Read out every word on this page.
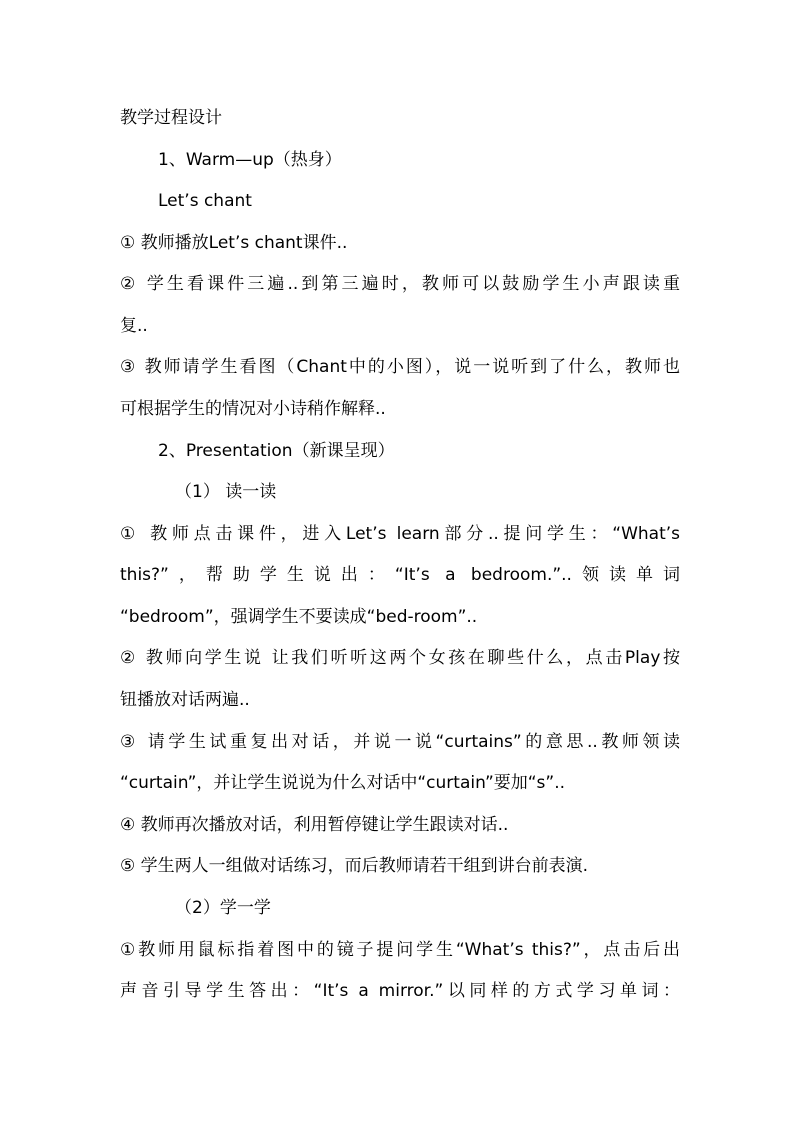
教学过程设计
1、Warm—up（热身）
Let’s chant
① 教师播放Let’s chant课件..
② 学生看课件三遍..到第三遍时，教师可以鼓励学生小声跟读重
复..
③ 教师请学生看图（Chant中的小图），说一说听到了什么，教师也
可根据学生的情况对小诗稍作解释..
2、Presentation（新课呈现）
（1） 读一读
① 教师点击课件，进入Let’s learn部分..提问学生：“What’s
this?”，帮助学生说出：“It’s a bedroom.”..领读单词
“bedroom”，强调学生不要读成“bed-room”..
② 教师向学生说 让我们听听这两个女孩在聊些什么，点击Play按
钮播放对话两遍..
③ 请学生试重复出对话，并说一说“curtains”的意思..教师领读
“curtain”，并让学生说说为什么对话中“curtain”要加“s”..
④ 教师再次播放对话，利用暂停键让学生跟读对话..
⑤ 学生两人一组做对话练习，而后教师请若干组到讲台前表演.
（2）学一学
①教师用鼠标指着图中的镜子提问学生“What’s this?”，点击后出
声音引导学生答出：“It’s a mirror.”以同样的方式学习单词：
